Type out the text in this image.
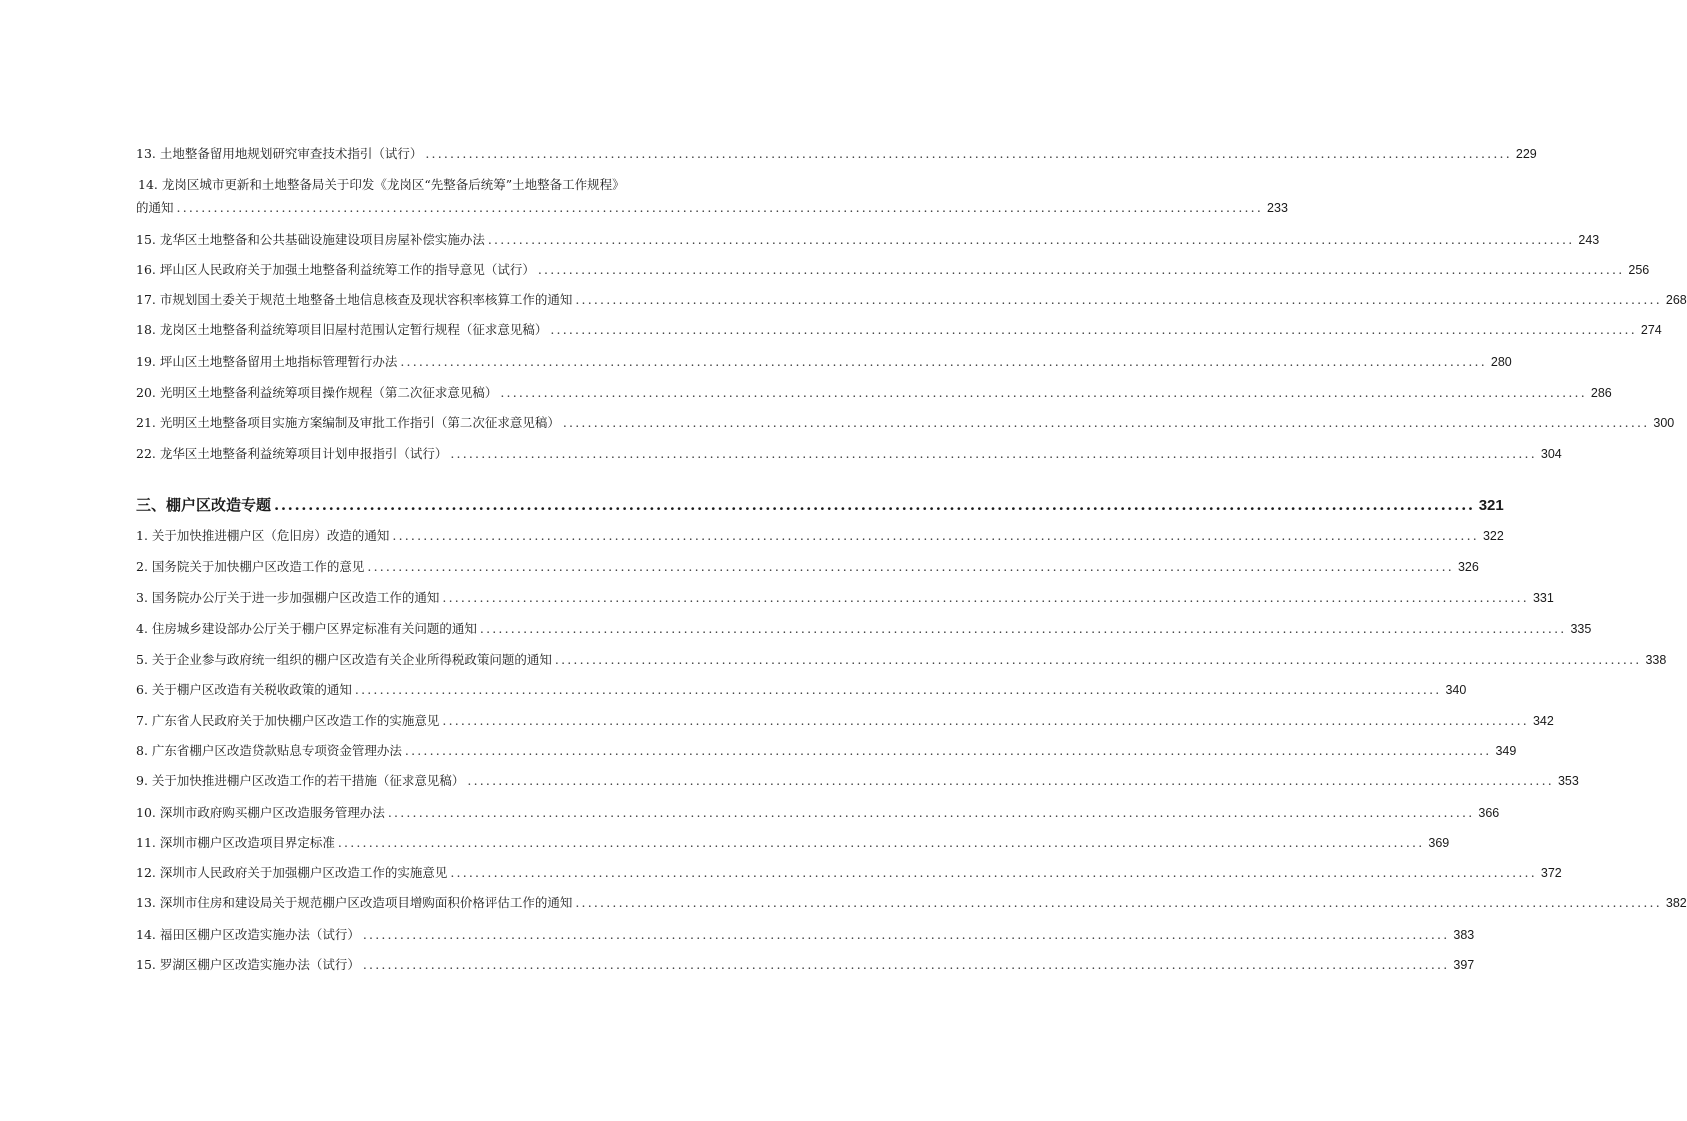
13. 土地整备留用地规划研究审查技术指引（试行） .....	229
14. 龙岗区城市更新和土地整备局关于印发《龙岗区“先整备后统筹”土地整备工作规程》
的通知 .....	233
15. 龙华区土地整备和公共基础设施建设项目房屋补偿实施办法 .....	243
16. 坪山区人民政府关于加强土地整备利益统筹工作的指导意见（试行） .....	256
17. 市规划国土委关于规范土地整备土地信息核查及现状容积率核算工作的通知 .....	268
18. 龙岗区土地整备利益统筹项目旧屋村范围认定暂行规程（征求意见稿） .....	274
19. 坪山区土地整备留用土地指标管理暂行办法 .....	280
20. 光明区土地整备利益统筹项目操作规程（第二次征求意见稿） .....	286
21. 光明区土地整备项目实施方案编制及审批工作指引（第二次征求意见稿） .....	300
22. 龙华区土地整备利益统筹项目计划申报指引（试行） .....	304
三、棚户区改造专题 .....	321
1. 关于加快推进棚户区（危旧房）改造的通知 .....	322
2. 国务院关于加快棚户区改造工作的意见 .....	326
3. 国务院办公厅关于进一步加强棚户区改造工作的通知 .....	331
4. 住房城乡建设部办公厅关于棚户区界定标准有关问题的通知 .....	335
5. 关于企业参与政府统一组织的棚户区改造有关企业所得税政策问题的通知 .....	338
6. 关于棚户区改造有关税收政策的通知 .....	340
7. 广东省人民政府关于加快棚户区改造工作的实施意见 .....	342
8. 广东省棚户区改造贷款贴息专项资金管理办法 .....	349
9. 关于加快推进棚户区改造工作的若干措施（征求意见稿） .....	353
10. 深圳市政府购买棚户区改造服务管理办法 .....	366
11. 深圳市棚户区改造项目界定标准 .....	369
12. 深圳市人民政府关于加强棚户区改造工作的实施意见 .....	372
13. 深圳市住房和建设局关于规范棚户区改造项目增购面积价格评估工作的通知 .....	382
14. 福田区棚户区改造实施办法（试行） .....	383
15. 罗湖区棚户区改造实施办法（试行） .....	397
